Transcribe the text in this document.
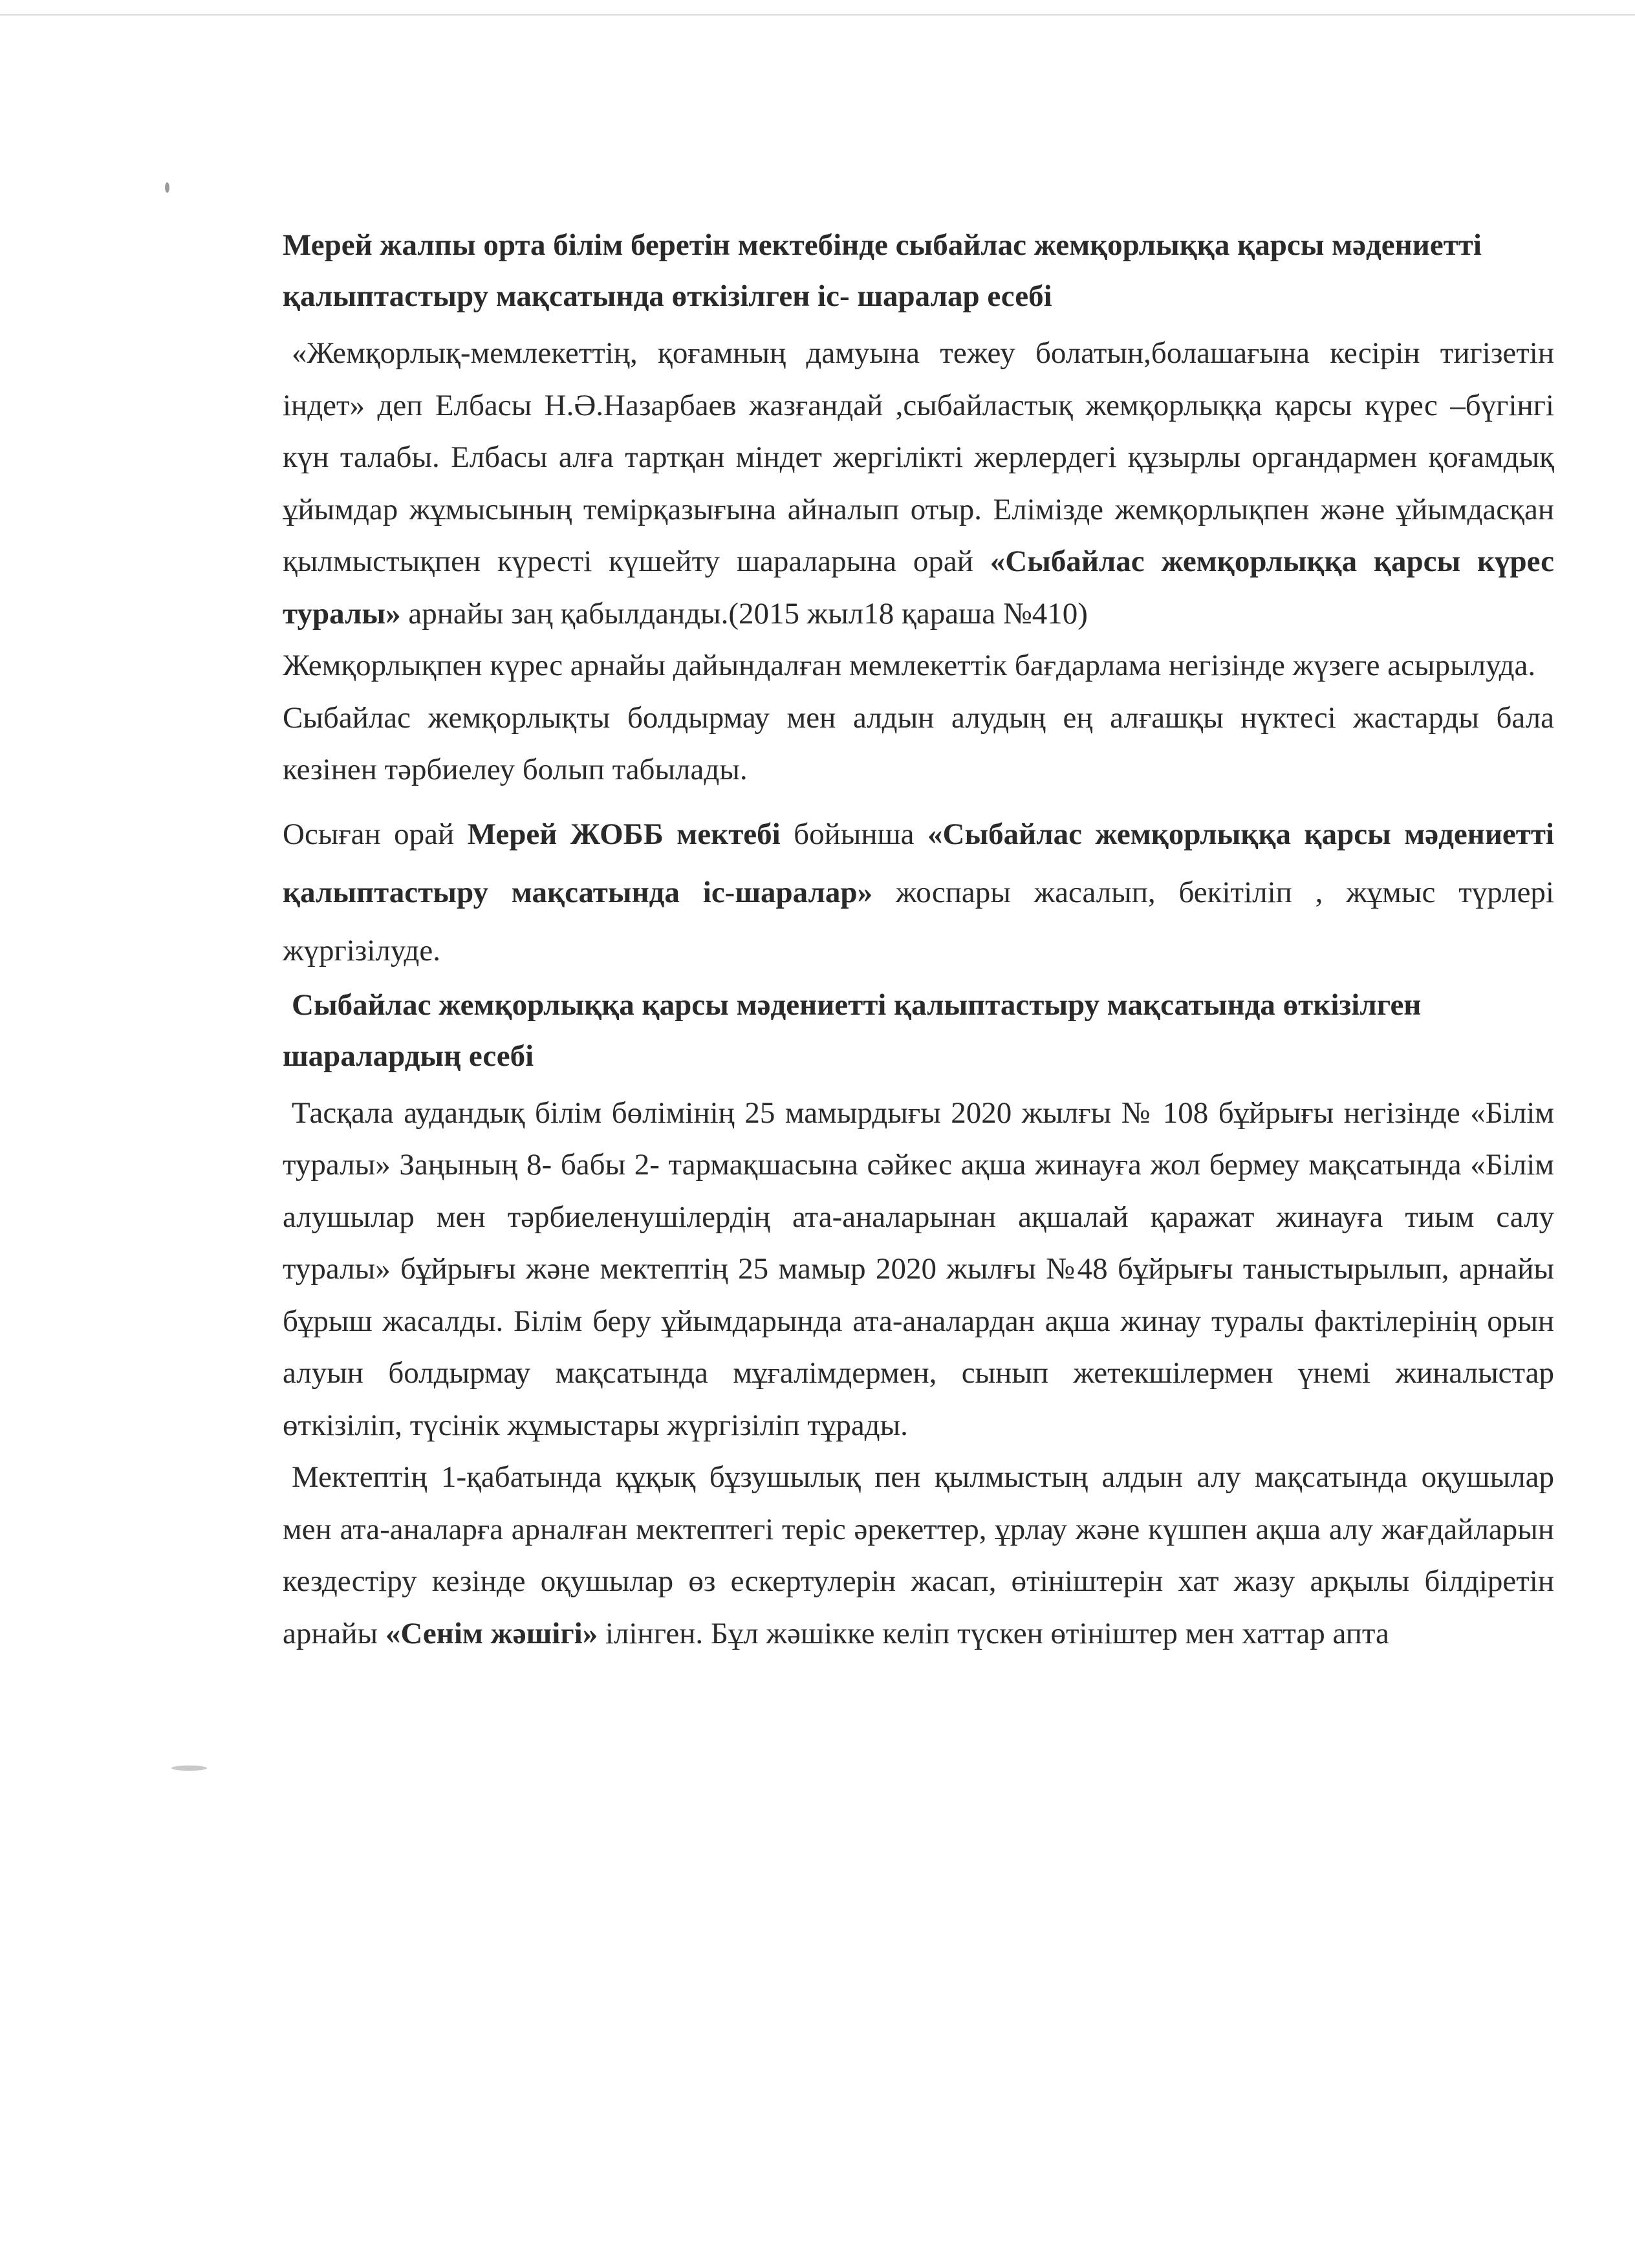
Мерей жалпы орта білім беретін мектебінде сыбайлас жемқорлыққа қарсы мәдениетті қалыптастыру мақсатында өткізілген іс- шаралар есебі

«Жемқорлық-мемлекеттің, қоғамның дамуына тежеу болатын,болашағына кесірін тигізетін індет» деп Елбасы Н.Ә.Назарбаев жазғандай ,сыбайластық жемқорлыққа қарсы күрес –бүгінгі күн талабы. Елбасы алға тартқан міндет жергілікті жерлердегі құзырлы органдармен қоғамдық ұйымдар жұмысының темірқазығына айналып отыр. Елімізде жемқорлықпен және ұйымдасқан қылмыстықпен күресті күшейту шараларына орай «Сыбайлас жемқорлыққа қарсы күрес туралы» арнайы заң қабылданды.(2015 жыл18 қараша №410)

Жемқорлықпен күрес арнайы дайындалған мемлекеттік бағдарлама негізінде жүзеге асырылуда.

Сыбайлас жемқорлықты болдырмау мен алдын алудың ең алғашқы нүктесі жастарды бала кезінен тәрбиелеу болып табылады.

Осыған орай Мерей ЖОББ мектебі бойынша «Сыбайлас жемқорлыққа қарсы мәдениетті қалыптастыру мақсатында іс-шаралар» жоспары жасалып, бекітіліп , жұмыс түрлері жүргізілуде.

Сыбайлас жемқорлыққа қарсы мәдениетті қалыптастыру мақсатында өткізілген шаралардың есебі

Тасқала аудандық білім бөлімінің 25 мамырдығы 2020 жылғы № 108 бұйрығы негізінде «Білім туралы» Заңының 8- бабы 2- тармақшасына сәйкес ақша жинауға жол бермеу мақсатында «Білім алушылар мен тәрбиеленушілердің ата-аналарынан ақшалай қаражат жинауға тиым салу туралы» бұйрығы және мектептің 25 мамыр 2020 жылғы №48 бұйрығы таныстырылып, арнайы бұрыш жасалды. Білім беру ұйымдарында ата-аналардан ақша жинау туралы фактілерінің орын алуын болдырмау мақсатында мұғалімдермен, сынып жетекшілермен үнемі жиналыстар өткізіліп, түсінік жұмыстары жүргізіліп тұрады.

Мектептің 1-қабатында құқық бұзушылық пен қылмыстың алдын алу мақсатында оқушылар мен ата-аналарға арналған мектептегі теріс әрекеттер, ұрлау және күшпен ақша алу жағдайларын кездестіру кезінде оқушылар өз ескертулерін жасап, өтініштерін хат жазу арқылы білдіретін арнайы «Сенім жәшігі» ілінген. Бұл жәшікке келіп түскен өтініштер мен хаттар апта
